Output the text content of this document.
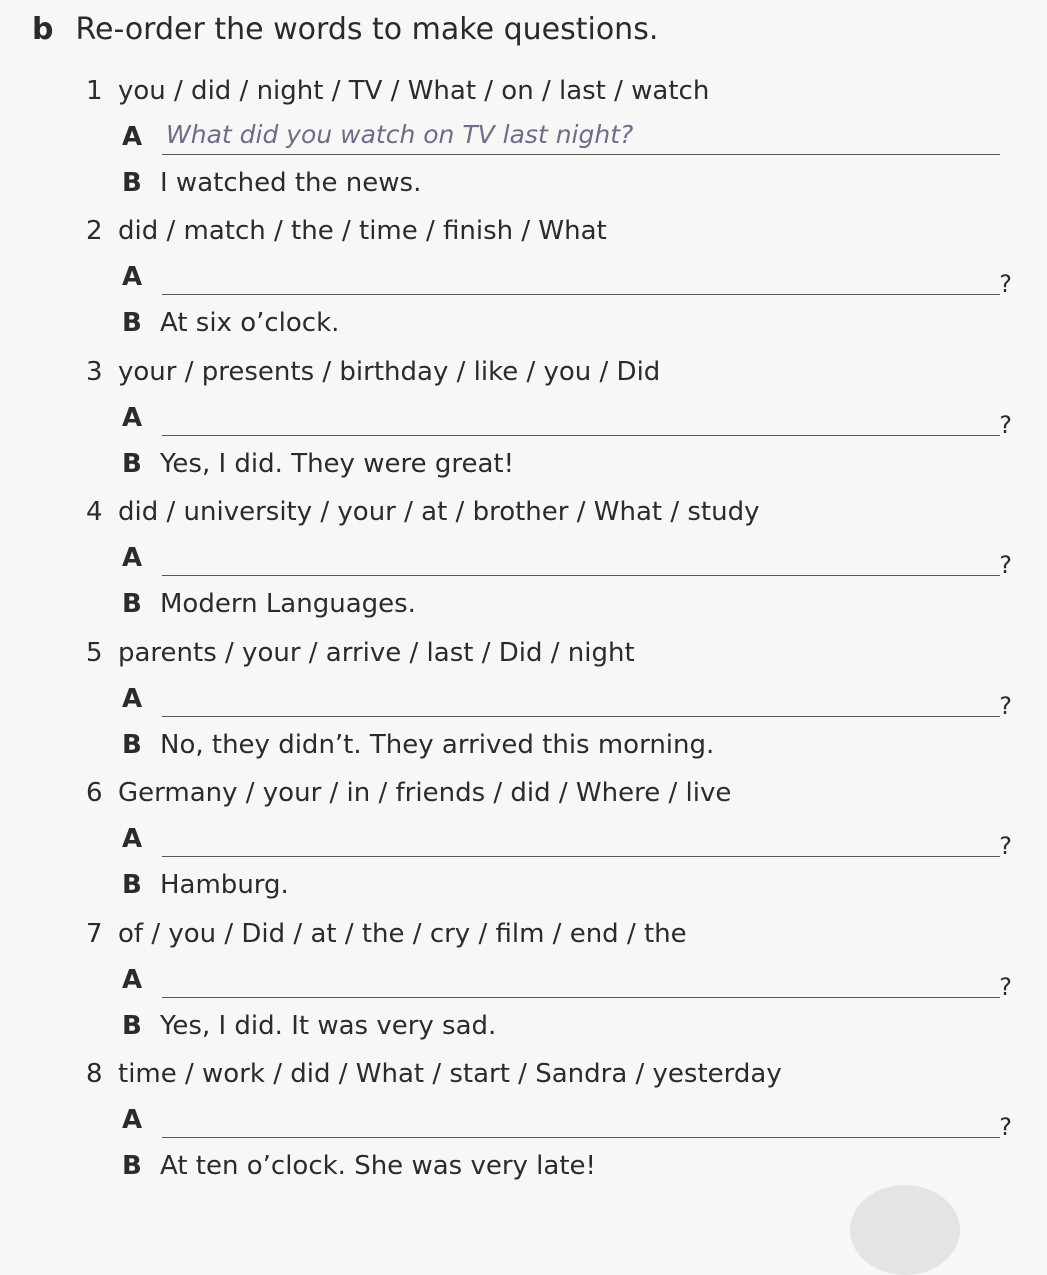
b Re-order the words to make questions.
1 you / did / night / TV / What / on / last / watch
A What did you watch on TV last night?
B I watched the news.
2 did / match / the / time / finish / What
A	?
B At six o’clock.
3 your / presents / birthday / like / you / Did
A	?
B Yes, I did. They were great!
4 did / university / your / at / brother / What / study
A	?
B Modern Languages.
5 parents / your / arrive / last / Did / night
A	?
B No, they didn’t. They arrived this morning.
6 Germany / your / in / friends / did / Where / live
A	?
B Hamburg.
7 of / you / Did / at / the / cry / film / end / the
A	?
B Yes, I did. It was very sad.
8 time / work / did / What / start / Sandra / yesterday
A	?
B At ten o’clock. She was very late!
